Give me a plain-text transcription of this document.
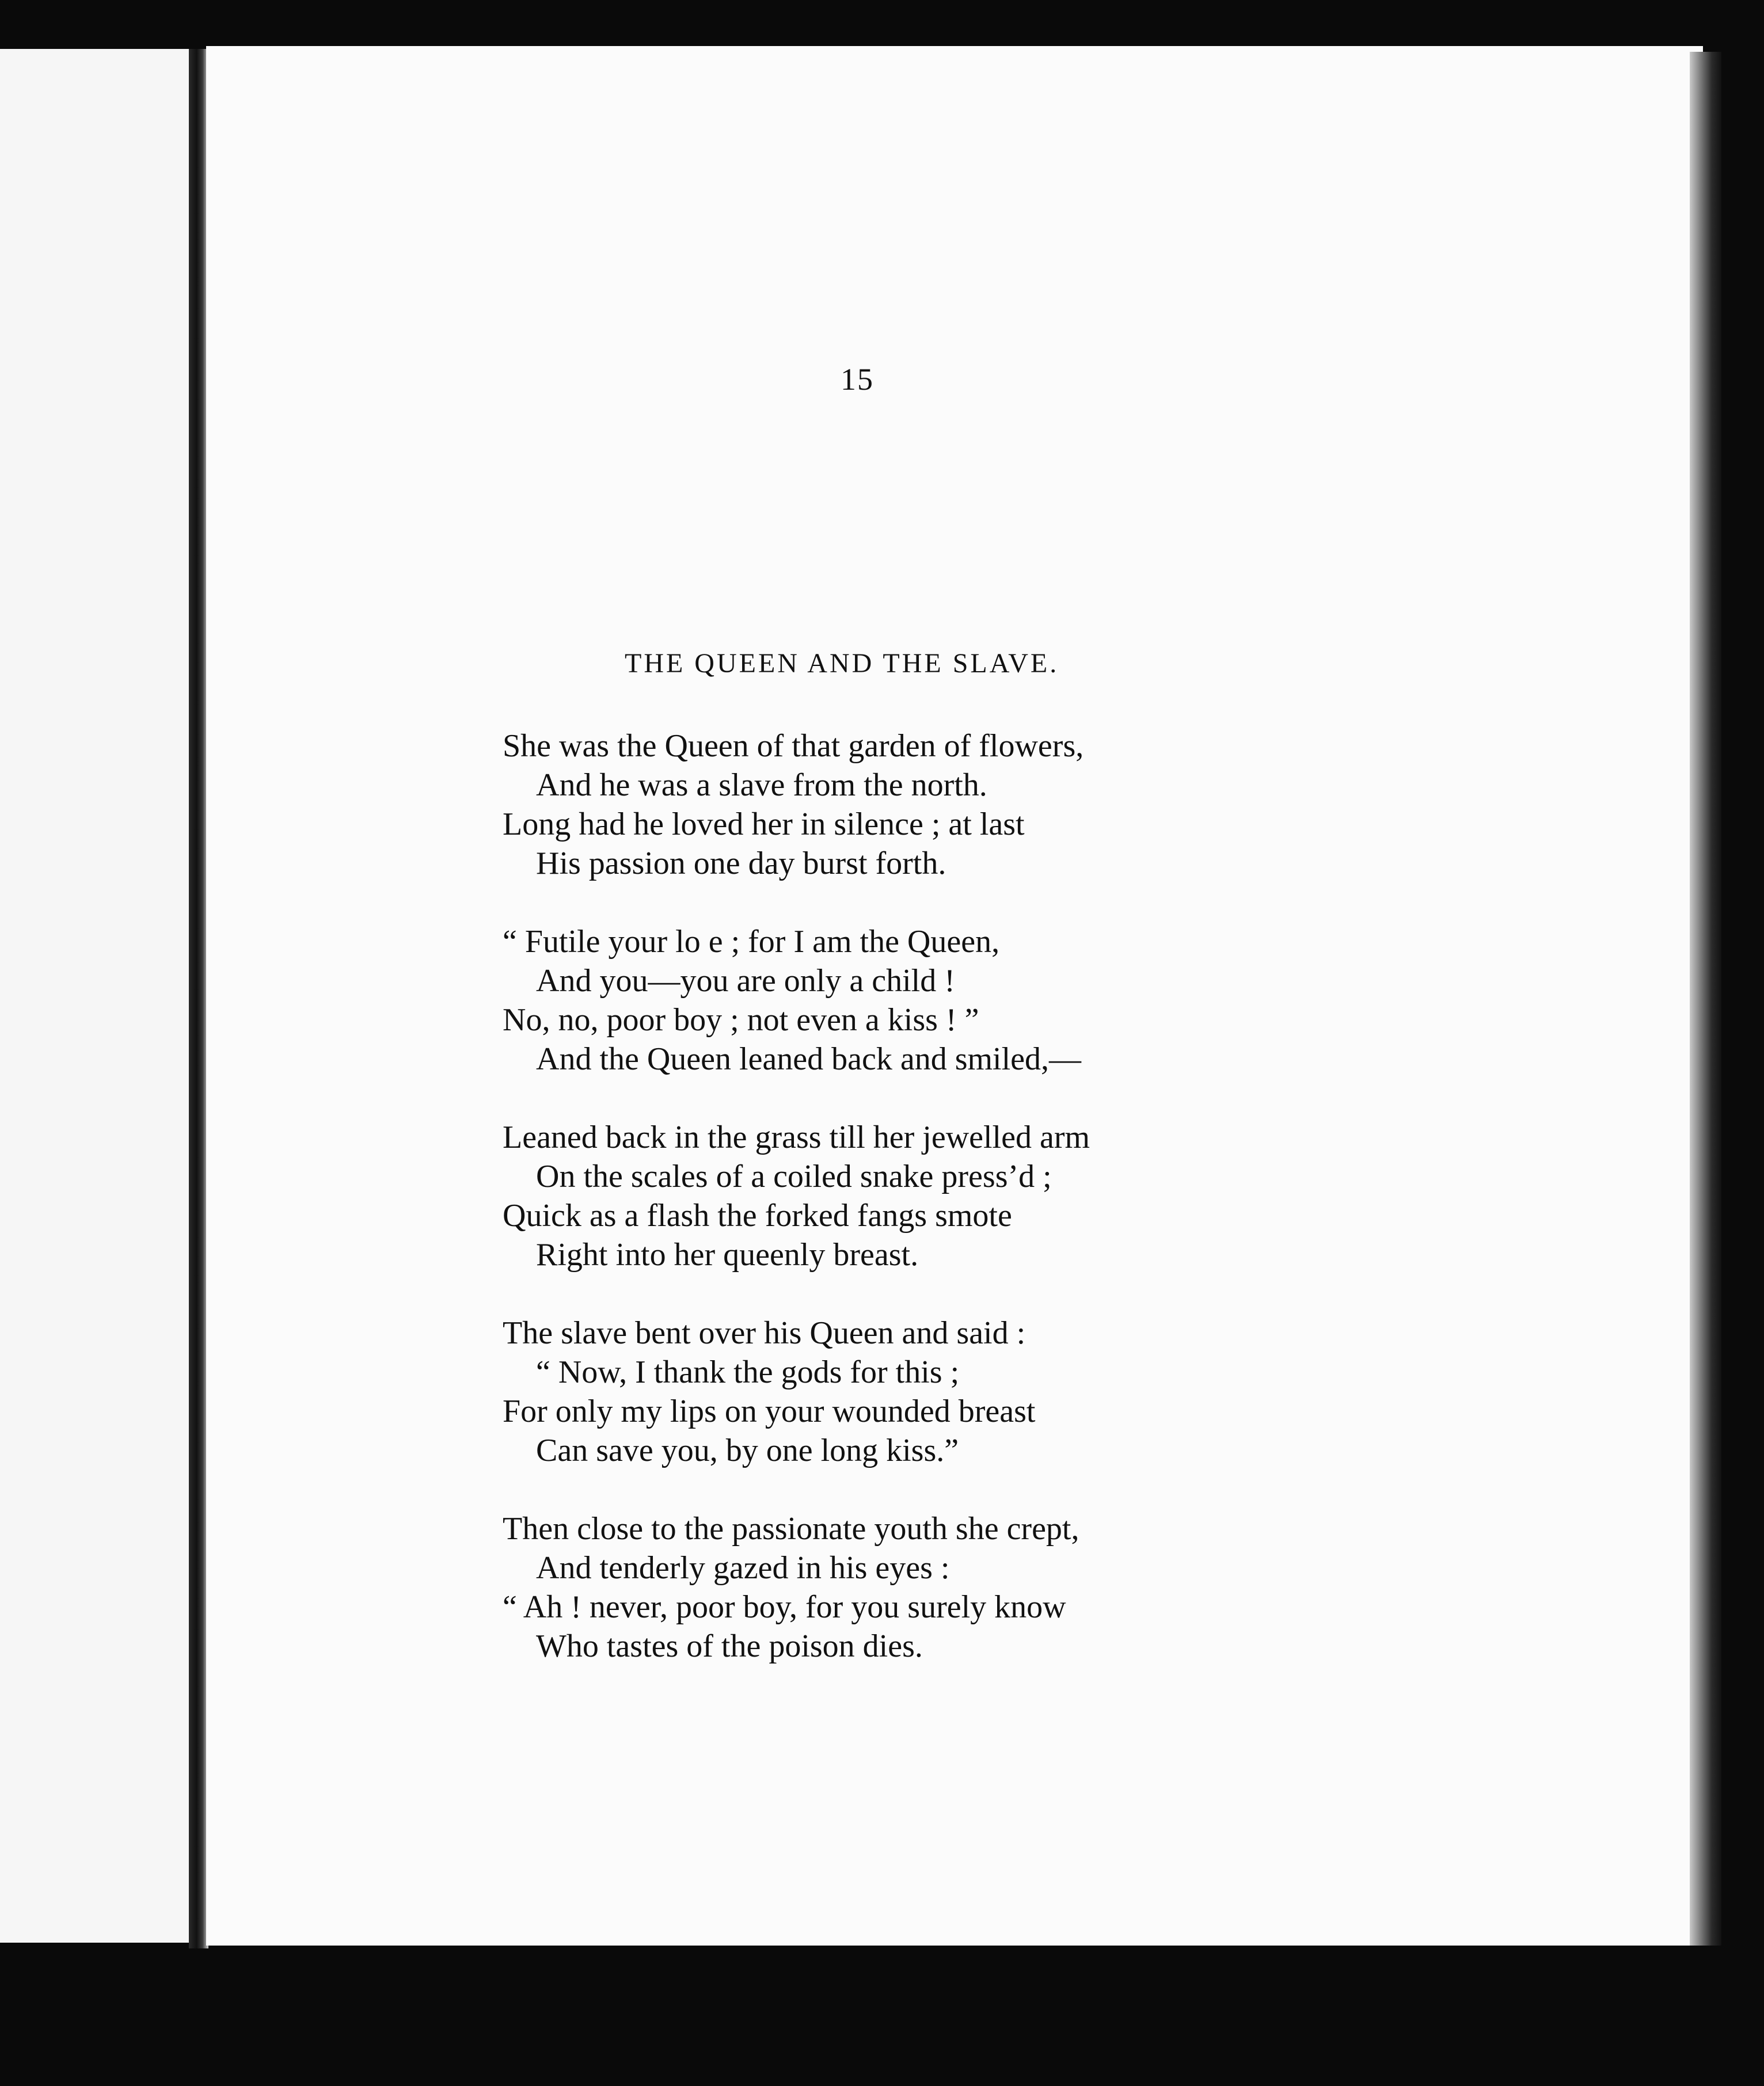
15
THE QUEEN AND THE SLAVE.
She was the Queen of that garden of flowers,
And he was a slave from the north.
Long had he loved her in silence ; at last
His passion one day burst forth.
“ Futile your lo e ; for I am the Queen,
And you—you are only a child !
No, no, poor boy ; not even a kiss ! ”
And the Queen leaned back and smiled,—
Leaned back in the grass till her jewelled arm
On the scales of a coiled snake press’d ;
Quick as a flash the forked fangs smote
Right into her queenly breast.
The slave bent over his Queen and said :
“ Now, I thank the gods for this ;
For only my lips on your wounded breast
Can save you, by one long kiss.”
Then close to the passionate youth she crept,
And tenderly gazed in his eyes :
“ Ah ! never, poor boy, for you surely know
Who tastes of the poison dies.
